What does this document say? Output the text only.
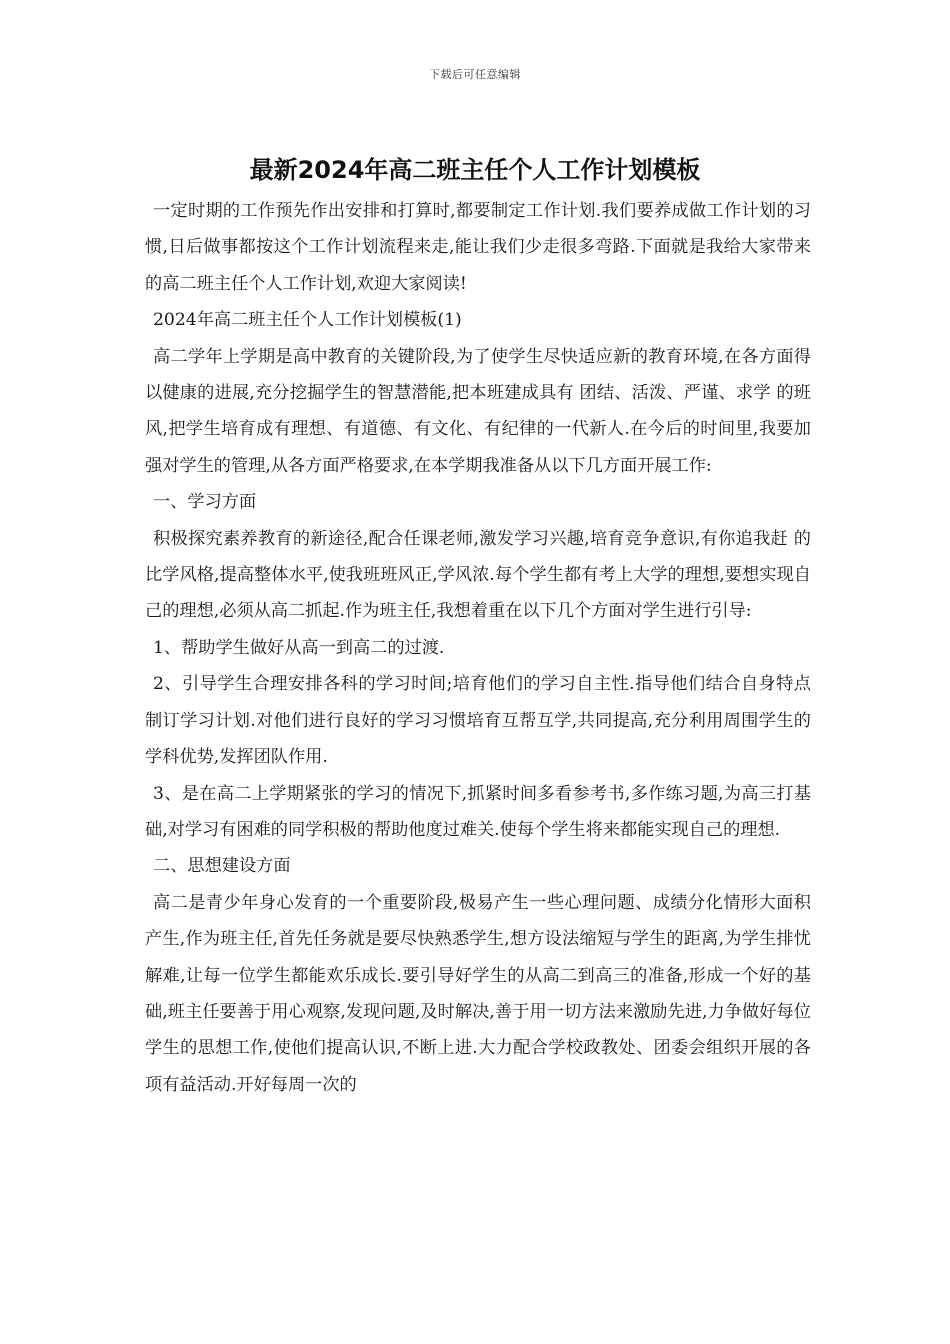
下载后可任意编辑
最新2024年高二班主任个人工作计划模板

一定时期的工作预先作出安排和打算时,都要制定工作计划.我们要养成做工作计划的习惯,日后做事都按这个工作计划流程来走,能让我们少走很多弯路.下面就是我给大家带来的高二班主任个人工作计划,欢迎大家阅读!

2024年高二班主任个人工作计划模板(1)

高二学年上学期是高中教育的关键阶段,为了使学生尽快适应新的教育环境,在各方面得以健康的进展,充分挖掘学生的智慧潜能,把本班建成具有 团结、活泼、严谨、求学 的班风,把学生培育成有理想、有道德、有文化、有纪律的一代新人.在今后的时间里,我要加强对学生的管理,从各方面严格要求,在本学期我准备从以下几方面开展工作:

一、学习方面

积极探究素养教育的新途径,配合任课老师,激发学习兴趣,培育竞争意识,有你追我赶 的比学风格,提高整体水平,使我班班风正,学风浓.每个学生都有考上大学的理想,要想实现自己的理想,必须从高二抓起.作为班主任,我想着重在以下几个方面对学生进行引导:

1、帮助学生做好从高一到高二的过渡.

2、引导学生合理安排各科的学习时间;培育他们的学习自主性.指导他们结合自身特点制订学习计划.对他们进行良好的学习习惯培育互帮互学,共同提高,充分利用周围学生的学科优势,发挥团队作用.

3、是在高二上学期紧张的学习的情况下,抓紧时间多看参考书,多作练习题,为高三打基础,对学习有困难的同学积极的帮助他度过难关.使每个学生将来都能实现自己的理想.

二、思想建设方面

高二是青少年身心发育的一个重要阶段,极易产生一些心理问题、成绩分化情形大面积产生,作为班主任,首先任务就是要尽快熟悉学生,想方设法缩短与学生的距离,为学生排忧解难,让每一位学生都能欢乐成长.要引导好学生的从高二到高三的准备,形成一个好的基础,班主任要善于用心观察,发现问题,及时解决,善于用一切方法来激励先进,力争做好每位学生的思想工作,使他们提高认识,不断上进.大力配合学校政教处、团委会组织开展的各项有益活动.开好每周一次的
